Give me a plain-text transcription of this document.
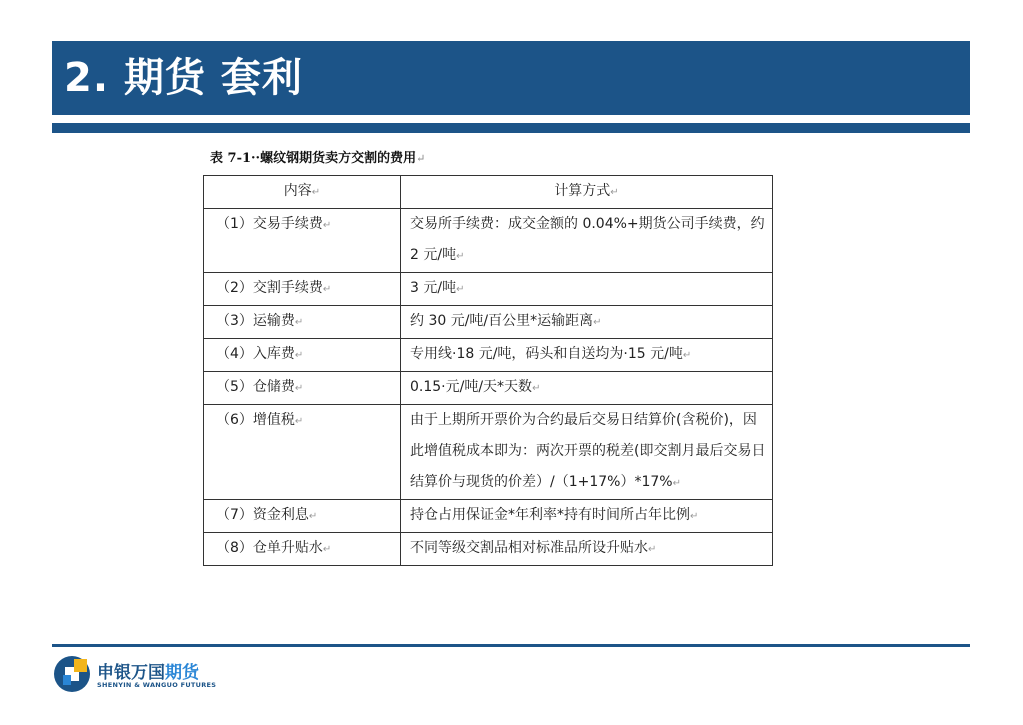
2. 期货 套利
表 7-1··螺纹钢期货卖方交割的费用↵
内容↵	计算方式↵
（1）交易手续费↵	交易所手续费：成交金额的 0.04%+期货公司手续费，约 2 元/吨↵
（2）交割手续费↵	3 元/吨↵
（3）运输费↵	约 30 元/吨/百公里*运输距离↵
（4）入库费↵	专用线·18 元/吨，码头和自送均为·15 元/吨↵
（5）仓储费↵	0.15·元/吨/天*天数↵
（6）增值税↵	由于上期所开票价为合约最后交易日结算价(含税价)，因此增值税成本即为：两次开票的税差(即交割月最后交易日结算价与现货的价差）/（1+17%）*17%↵
（7）资金利息↵	持仓占用保证金*年利率*持有时间所占年比例↵
（8）仓单升贴水↵	不同等级交割品相对标准品所设升贴水↵
申银万国期货
SHENYIN & WANGUO FUTURES
